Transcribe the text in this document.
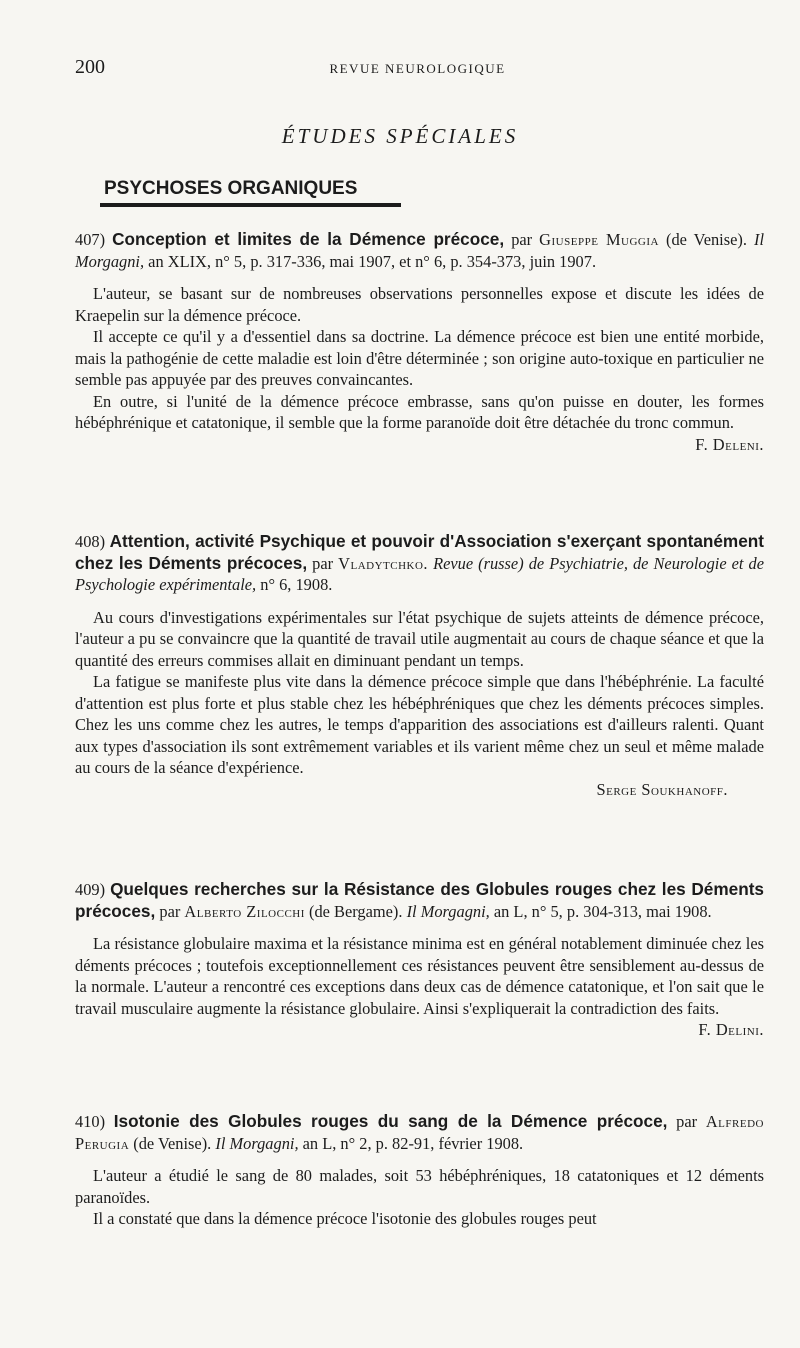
200	REVUE NEUROLOGIQUE
ÉTUDES SPÉCIALES
PSYCHOSES ORGANIQUES

407) Conception et limites de la Démence précoce, par Giuseppe Muggia (de Venise). Il Morgagni, an XLIX, n° 5, p. 317-336, mai 1907, et n° 6, p. 354-373, juin 1907.

L'auteur, se basant sur de nombreuses observations personnelles expose et discute les idées de Kraepelin sur la démence précoce.

Il accepte ce qu'il y a d'essentiel dans sa doctrine. La démence précoce est bien une entité morbide, mais la pathogénie de cette maladie est loin d'être déterminée ; son origine auto-toxique en particulier ne semble pas appuyée par des preuves convaincantes.

En outre, si l'unité de la démence précoce embrasse, sans qu'on puisse en douter, les formes hébéphrénique et catatonique, il semble que la forme paranoïde doit être détachée du tronc commun.
F. Deleni.

408) Attention, activité Psychique et pouvoir d'Association s'exerçant spontanément chez les Déments précoces, par Vladytchko. Revue (russe) de Psychiatrie, de Neurologie et de Psychologie expérimentale, n° 6, 1908.

Au cours d'investigations expérimentales sur l'état psychique de sujets atteints de démence précoce, l'auteur a pu se convaincre que la quantité de travail utile augmentait au cours de chaque séance et que la quantité des erreurs commises allait en diminuant pendant un temps.

La fatigue se manifeste plus vite dans la démence précoce simple que dans l'hébéphrénie. La faculté d'attention est plus forte et plus stable chez les hébéphréniques que chez les déments précoces simples. Chez les uns comme chez les autres, le temps d'apparition des associations est d'ailleurs ralenti. Quant aux types d'association ils sont extrêmement variables et ils varient même chez un seul et même malade au cours de la séance d'expérience.

Serge Soukhanoff.

409) Quelques recherches sur la Résistance des Globules rouges chez les Déments précoces, par Alberto Zilocchi (de Bergame). Il Morgagni, an L, n° 5, p. 304-313, mai 1908.

La résistance globulaire maxima et la résistance minima est en général notablement diminuée chez les déments précoces ; toutefois exceptionnellement ces résistances peuvent être sensiblement au-dessus de la normale. L'auteur a rencontré ces exceptions dans deux cas de démence catatonique, et l'on sait que le travail musculaire augmente la résistance globulaire. Ainsi s'expliquerait la contradiction des faits.
F. Delini.

410) Isotonie des Globules rouges du sang de la Démence précoce, par Alfredo Perugia (de Venise). Il Morgagni, an L, n° 2, p. 82-91, février 1908.

L'auteur a étudié le sang de 80 malades, soit 53 hébéphréniques, 18 catatoniques et 12 déments paranoïdes.

Il a constaté que dans la démence précoce l'isotonie des globules rouges peut
